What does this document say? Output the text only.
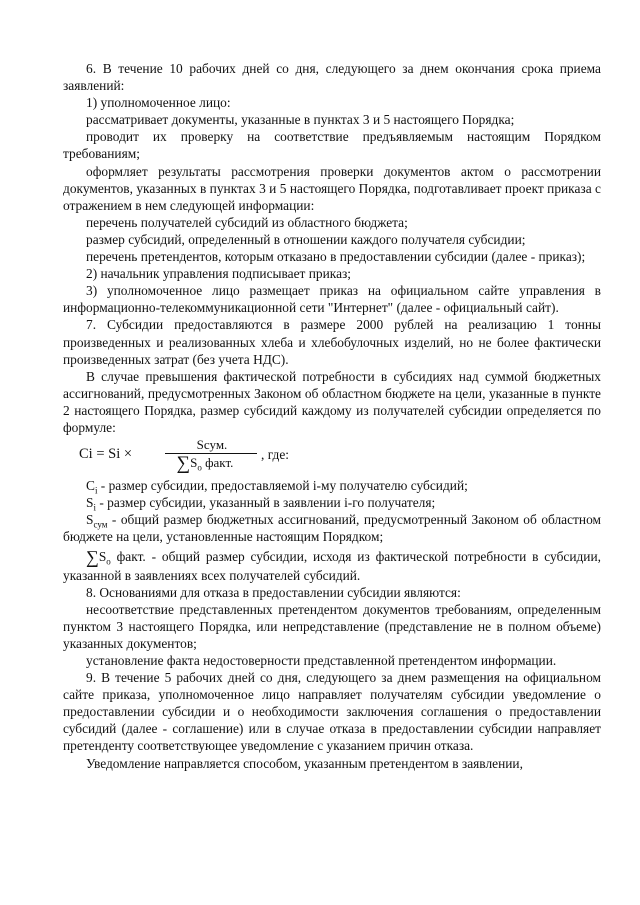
6. В течение 10 рабочих дней со дня, следующего за днем окончания срока приема заявлений:

1) уполномоченное лицо:

рассматривает документы, указанные в пунктах 3 и 5 настоящего Порядка;

проводит их проверку на соответствие предъявляемым настоящим Порядком требованиям;

оформляет результаты рассмотрения проверки документов актом о рассмотрении документов, указанных в пунктах 3 и 5 настоящего Порядка, подготавливает проект приказа с отражением в нем следующей информации:

перечень получателей субсидий из областного бюджета;

размер субсидий, определенный в отношении каждого получателя субсидии;

перечень претендентов, которым отказано в предоставлении субсидии (далее - приказ);

2) начальник управления подписывает приказ;

3) уполномоченное лицо размещает приказ на официальном сайте управления в информационно-телекоммуникационной сети "Интернет" (далее - официальный сайт).

7. Субсидии предоставляются в размере 2000 рублей на реализацию 1 тонны произведенных и реализованных хлеба и хлебобулочных изделий, но не более фактически произведенных затрат (без учета НДС).

В случае превышения фактической потребности в субсидиях над суммой бюджетных ассигнований, предусмотренных Законом об областном бюджете на цели, указанные в пункте 2 настоящего Порядка, размер субсидий каждому из получателей субсидии определяется по формуле:

Ci = Si ×
Sсум.
$\sum S_о$ факт.
, где:

$C_i$ - размер субсидии, предоставляемой i-му получателю субсидий;

$S_i$ - размер субсидии, указанный в заявлении i-го получателя;

$S_{сум}$ - общий размер бюджетных ассигнований, предусмотренный Законом об областном бюджете на цели, установленные настоящим Порядком;

$\sum S_о$ факт. - общий размер субсидии, исходя из фактической потребности в субсидии, указанной в заявлениях всех получателей субсидий.

8. Основаниями для отказа в предоставлении субсидии являются:

несоответствие представленных претендентом документов требованиям, определенным пунктом 3 настоящего Порядка, или непредставление (представление не в полном объеме) указанных документов;

установление факта недостоверности представленной претендентом информации.

9. В течение 5 рабочих дней со дня, следующего за днем размещения на официальном сайте приказа, уполномоченное лицо направляет получателям субсидии уведомление о предоставлении субсидии и о необходимости заключения соглашения о предоставлении субсидий (далее - соглашение) или в случае отказа в предоставлении субсидии направляет претенденту соответствующее уведомление с указанием причин отказа.

Уведомление направляется способом, указанным претендентом в заявлении,
